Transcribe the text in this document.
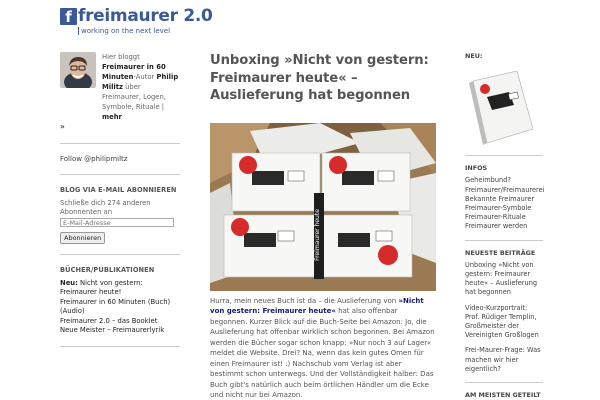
f freimaurer 2.0
working on the next level
Hier bloggt Freimaurer in 60 Minuten-Autor Philip Militz über Freimaurer, Logen, Symbole, Rituale | mehr
»
Follow @philipmiltz
BLOG VIA E-MAIL ABONNIEREN
Schließe dich 274 anderen Abonnenten an
E-Mail-Adresse
Abonnieren
BÜCHER/PUBLIKATIONEN
Neu: Nicht von gestern: Freimaurer heute!
Freimaurer in 60 Minuten (Buch) (Audio)
Freimaurer 2.0 – das Booklet
Neue Meister – Freimaurerlyrik
Unboxing »Nicht von gestern: Freimaurer heute« – Auslieferung hat begonnen
Freimaurer heute
Hurra, mein neues Buch ist da – die Auslieferung von »Nicht von gestern: Freimaurer heute« hat also offenbar begonnen. Kurzer Blick auf die Buch-Seite bei Amazon: Jo, die Auslieferung hat offenbar wirklich schon begonnen. Bei Amazon werden die Bücher sogar schon knapp: »Nur noch 3 auf Lager« meldet die Website. Drei? Na, wenn das kein gutes Omen für einen Freimaurer ist! :) Nachschub vom Verlag ist aber bestimmt schon unterwegs. Und der Vollständigkeit halber: Das Buch gibt's natürlich auch beim örtlichen Händler um die Ecke und nicht nur bei Amazon.
NEU:
INFOS
Geheimbund?
Freimaurer/Freimaurerei
Bekannte Freimaurer
Freimaurer-Symbole
Freimaurer-Rituale
Freimaurer werden
NEUESTE BEITRÄGE
Unboxing »Nicht von gestern: Freimaurer heute« – Auslieferung hat begonnen
Video-Kurzportrait: Prof. Rüdiger Templin, Großmeister der Vereinigten Großlogen
Frei-Maurer-Frage: Was machen wir hier eigentlich?
AM MEISTEN GETEILT
